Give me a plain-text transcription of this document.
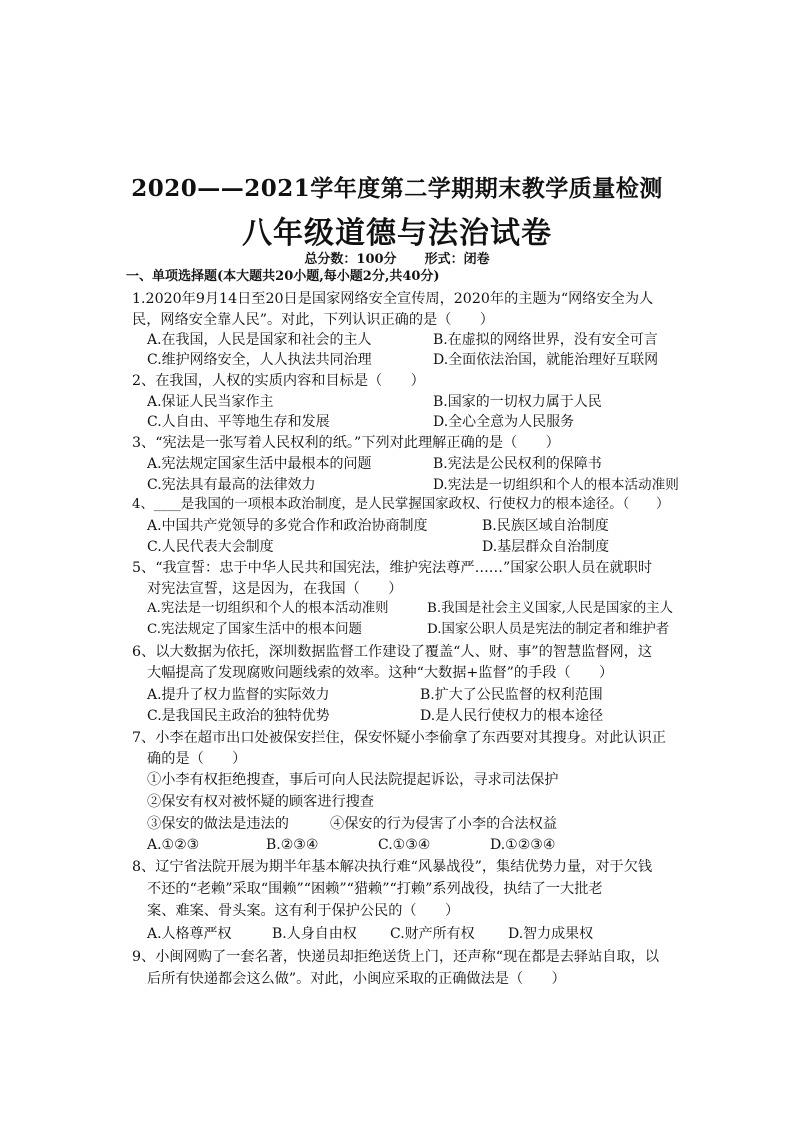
2020——2021学年度第二学期期末教学质量检测
八年级道德与法治试卷
总分数：100分 形式：闭卷
一、单项选择题(本大题共20小题,每小题2分,共40分)
1.2020年9月14日至20日是国家网络安全宣传周，2020年的主题为“网络安全为人
民，网络安全靠人民”。对此，下列认识正确的是（　　）
A.在我国，人民是国家和社会的主人	B.在虚拟的网络世界，没有安全可言
C.维护网络安全，人人执法共同治理	D.全面依法治国，就能治理好互联网
2、在我国，人权的实质内容和目标是（　　）
A.保证人民当家作主	B.国家的一切权力属于人民
C.人自由、平等地生存和发展	D.全心全意为人民服务
3、“宪法是一张写着人民权利的纸。”下列对此理解正确的是（　　）
A.宪法规定国家生活中最根本的问题	B.宪法是公民权利的保障书
C.宪法具有最高的法律效力	D.宪法是一切组织和个人的根本活动准则
4、____是我国的一项根本政治制度，是人民掌握国家政权、行使权力的根本途径。（　　）
A.中国共产党领导的多党合作和政治协商制度	B.民族区域自治制度
C.人民代表大会制度	D.基层群众自治制度
5、“我宣誓：忠于中华人民共和国宪法，维护宪法尊严……”国家公职人员在就职时
对宪法宣誓，这是因为，在我国（　　）
A.宪法是一切组织和个人的根本活动准则	B.我国是社会主义国家,人民是国家的主人
C.宪法规定了国家生活中的根本问题	D.国家公职人员是宪法的制定者和维护者
6、以大数据为依托，深圳数据监督工作建设了覆盖“人、财、事”的智慧监督网，这
大幅提高了发现腐败问题线索的效率。这种“大数据+监督”的手段（　　）
A.提升了权力监督的实际效力	B.扩大了公民监督的权利范围
C.是我国民主政治的独特优势	D.是人民行使权力的根本途径
7、小李在超市出口处被保安拦住，保安怀疑小李偷拿了东西要对其搜身。对此认识正
确的是（　　）
①小李有权拒绝搜查，事后可向人民法院提起诉讼，寻求司法保护
②保安有权对被怀疑的顾客进行搜查
③保安的做法是违法的	④保安的行为侵害了小李的合法权益
A.①②③	B.②③④	C.①③④	D.①②③④
8、辽宁省法院开展为期半年基本解决执行难“风暴战役”，集结优势力量，对于欠钱
不还的“老赖”采取“围赖”“困赖”“猎赖”“打赖”系列战役，执结了一大批老
案、难案、骨头案。这有利于保护公民的（　　）
A.人格尊严权	B.人身自由权 C.财产所有权 D.智力成果权
9、小闽网购了一套名著，快递员却拒绝送货上门，还声称“现在都是去驿站自取，以
后所有快递都会这么做”。对此，小闽应采取的正确做法是（　　）
